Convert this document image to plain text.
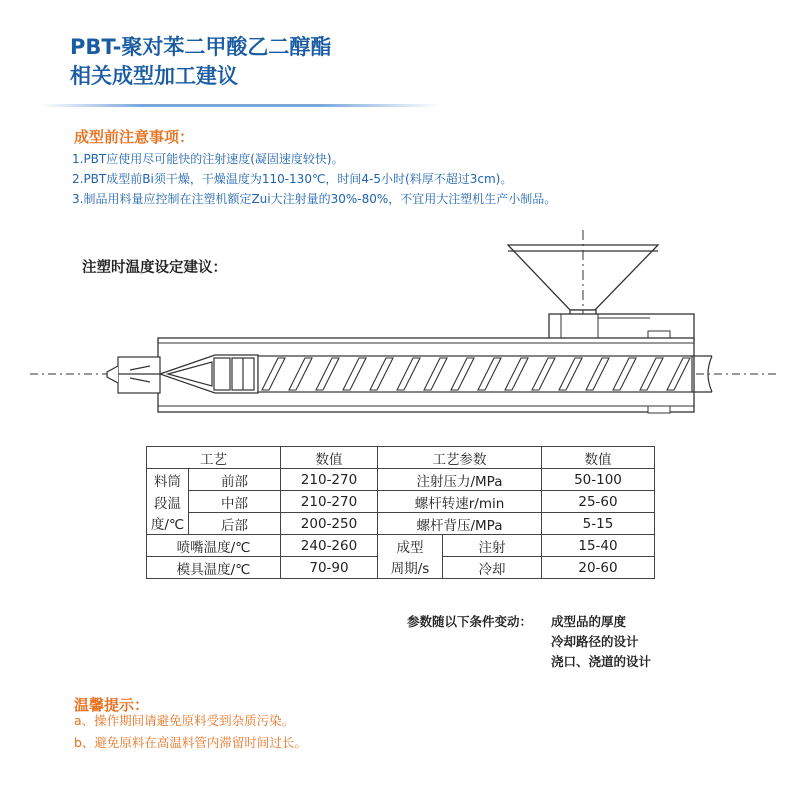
PBT-聚对苯二甲酸乙二醇酯
相关成型加工建议
成型前注意事项：
1.PBT应使用尽可能快的注射速度(凝固速度较快)。
2.PBT成型前Bi须干燥，干燥温度为110-130℃，时间4-5小时(料厚不超过3cm)。
3.制品用料量应控制在注塑机额定Zui大注射量的30%-80%，不宜用大注塑机生产小制品。
注塑时温度设定建议：
工艺		数值	工艺参数		数值
料筒	前部	210-270	注射压力/MPa		50-100
段温	中部	210-270	螺杆转速r/min		25-60
度/℃	后部	200-250	螺杆背压/MPa		5-15
喷嘴温度/℃		240-260	成型	注射	15-40
模具温度/℃		70-90	周期/s	冷却	20-60
参数随以下条件变动： 成型品的厚度
冷却路径的设计
浇口、浇道的设计
温馨提示：
a、操作期间请避免原料受到杂质污染。
b、避免原料在高温料管内滞留时间过长。
